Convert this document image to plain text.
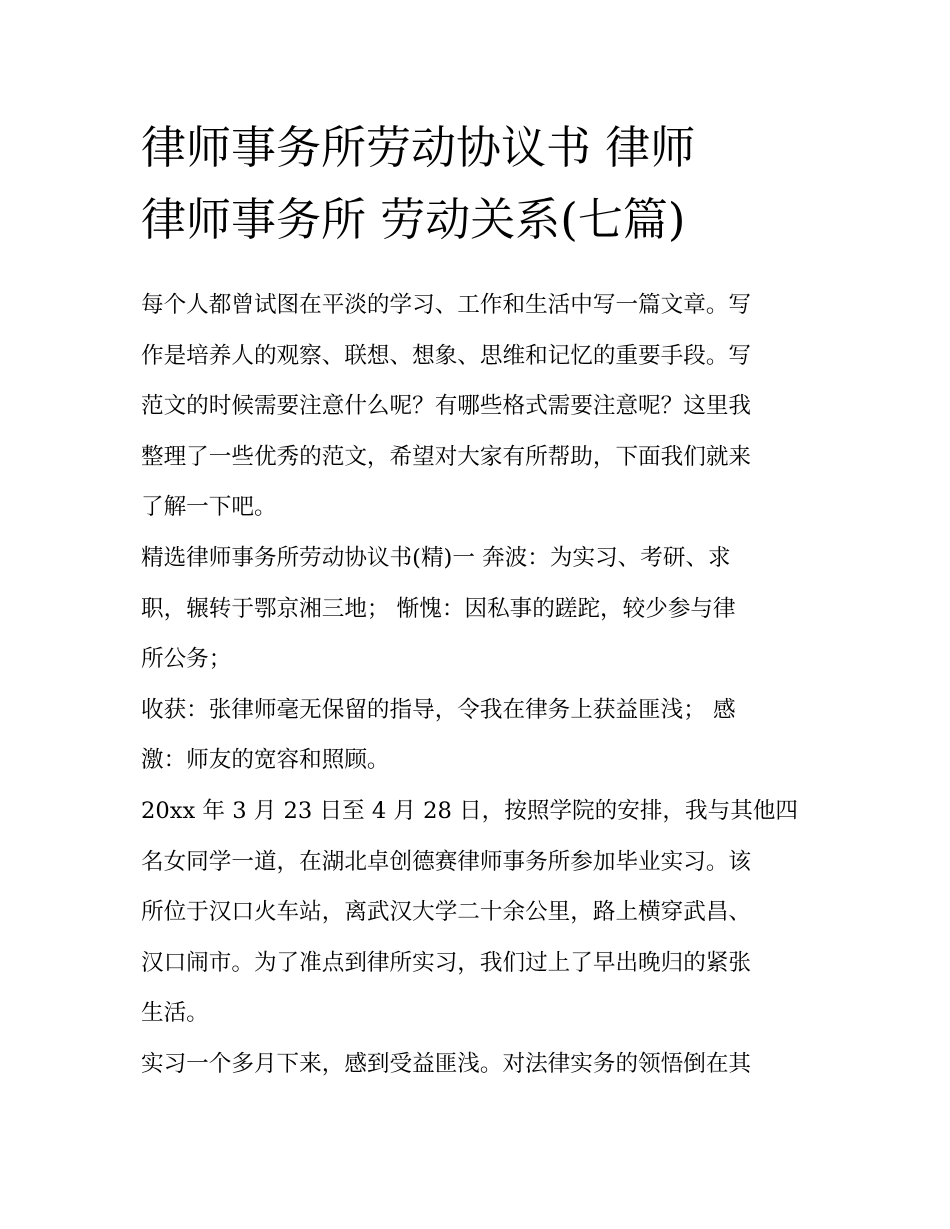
律师事务所劳动协议书 律师
律师事务所 劳动关系(七篇)
每个人都曾试图在平淡的学习、工作和生活中写一篇文章。写
作是培养人的观察、联想、想象、思维和记忆的重要手段。写
范文的时候需要注意什么呢？有哪些格式需要注意呢？这里我
整理了一些优秀的范文，希望对大家有所帮助，下面我们就来
了解一下吧。
精选律师事务所劳动协议书(精)一 奔波：为实习、考研、求
职，辗转于鄂京湘三地； 惭愧：因私事的蹉跎，较少参与律
所公务；
收获：张律师毫无保留的指导，令我在律务上获益匪浅； 感
激：师友的宽容和照顾。
20xx 年 3 月 23 日至 4 月 28 日，按照学院的安排，我与其他四
名女同学一道，在湖北卓创德赛律师事务所参加毕业实习。该
所位于汉口火车站，离武汉大学二十余公里，路上横穿武昌、
汉口闹市。为了准点到律所实习，我们过上了早出晚归的紧张
生活。
实习一个多月下来，感到受益匪浅。对法律实务的领悟倒在其
